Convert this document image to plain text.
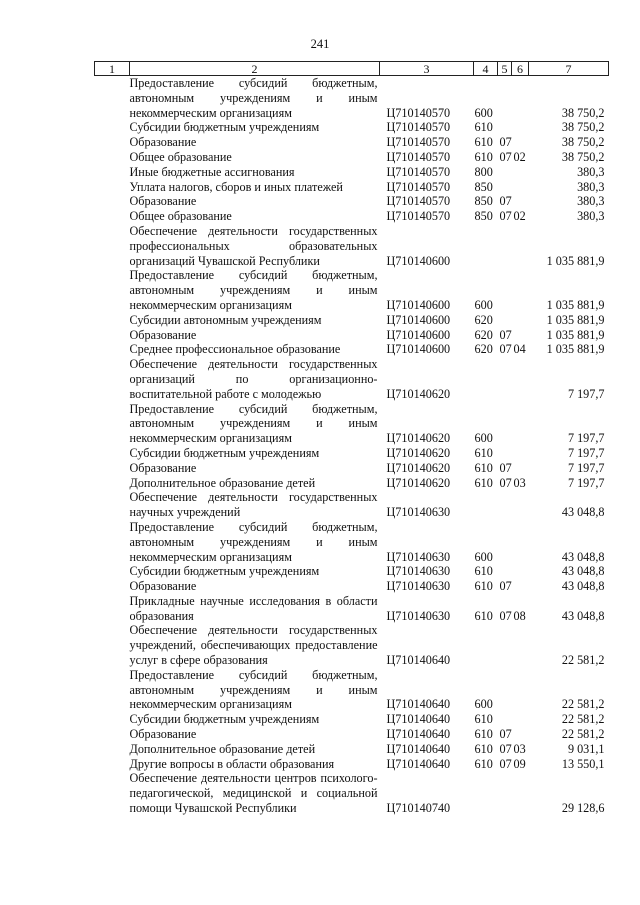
241
1	2	3	4	5	6	7
	Предоставление субсидий бюджетным, автономным учреждениям и иным некоммерческим организациям	Ц710140570	600			38 750,2
	Субсидии бюджетным учреждениям	Ц710140570	610			38 750,2
	Образование	Ц710140570	610	07		38 750,2
	Общее образование	Ц710140570	610	07	02	38 750,2
	Иные бюджетные ассигнования	Ц710140570	800			380,3
	Уплата налогов, сборов и иных платежей	Ц710140570	850			380,3
	Образование	Ц710140570	850	07		380,3
	Общее образование	Ц710140570	850	07	02	380,3
	Обеспечение деятельности государственных профессиональных образовательных организаций Чувашской Республики	Ц710140600				1 035 881,9
	Предоставление субсидий бюджетным, автономным учреждениям и иным некоммерческим организациям	Ц710140600	600			1 035 881,9
	Субсидии автономным учреждениям	Ц710140600	620			1 035 881,9
	Образование	Ц710140600	620	07		1 035 881,9
	Среднее профессиональное образование	Ц710140600	620	07	04	1 035 881,9
	Обеспечение деятельности государственных организаций по организационно-воспитательной работе с молодежью	Ц710140620				7 197,7
	Предоставление субсидий бюджетным, автономным учреждениям и иным некоммерческим организациям	Ц710140620	600			7 197,7
	Субсидии бюджетным учреждениям	Ц710140620	610			7 197,7
	Образование	Ц710140620	610	07		7 197,7
	Дополнительное образование детей	Ц710140620	610	07	03	7 197,7
	Обеспечение деятельности государственных научных учреждений	Ц710140630				43 048,8
	Предоставление субсидий бюджетным, автономным учреждениям и иным некоммерческим организациям	Ц710140630	600			43 048,8
	Субсидии бюджетным учреждениям	Ц710140630	610			43 048,8
	Образование	Ц710140630	610	07		43 048,8
	Прикладные научные исследования в области образования	Ц710140630	610	07	08	43 048,8
	Обеспечение деятельности государственных учреждений, обеспечивающих предоставление услуг в сфере образования	Ц710140640				22 581,2
	Предоставление субсидий бюджетным, автономным учреждениям и иным некоммерческим организациям	Ц710140640	600			22 581,2
	Субсидии бюджетным учреждениям	Ц710140640	610			22 581,2
	Образование	Ц710140640	610	07		22 581,2
	Дополнительное образование детей	Ц710140640	610	07	03	9 031,1
	Другие вопросы в области образования	Ц710140640	610	07	09	13 550,1
	Обеспечение деятельности центров психолого-педагогической, медицинской и социальной помощи Чувашской Республики	Ц710140740				29 128,6
